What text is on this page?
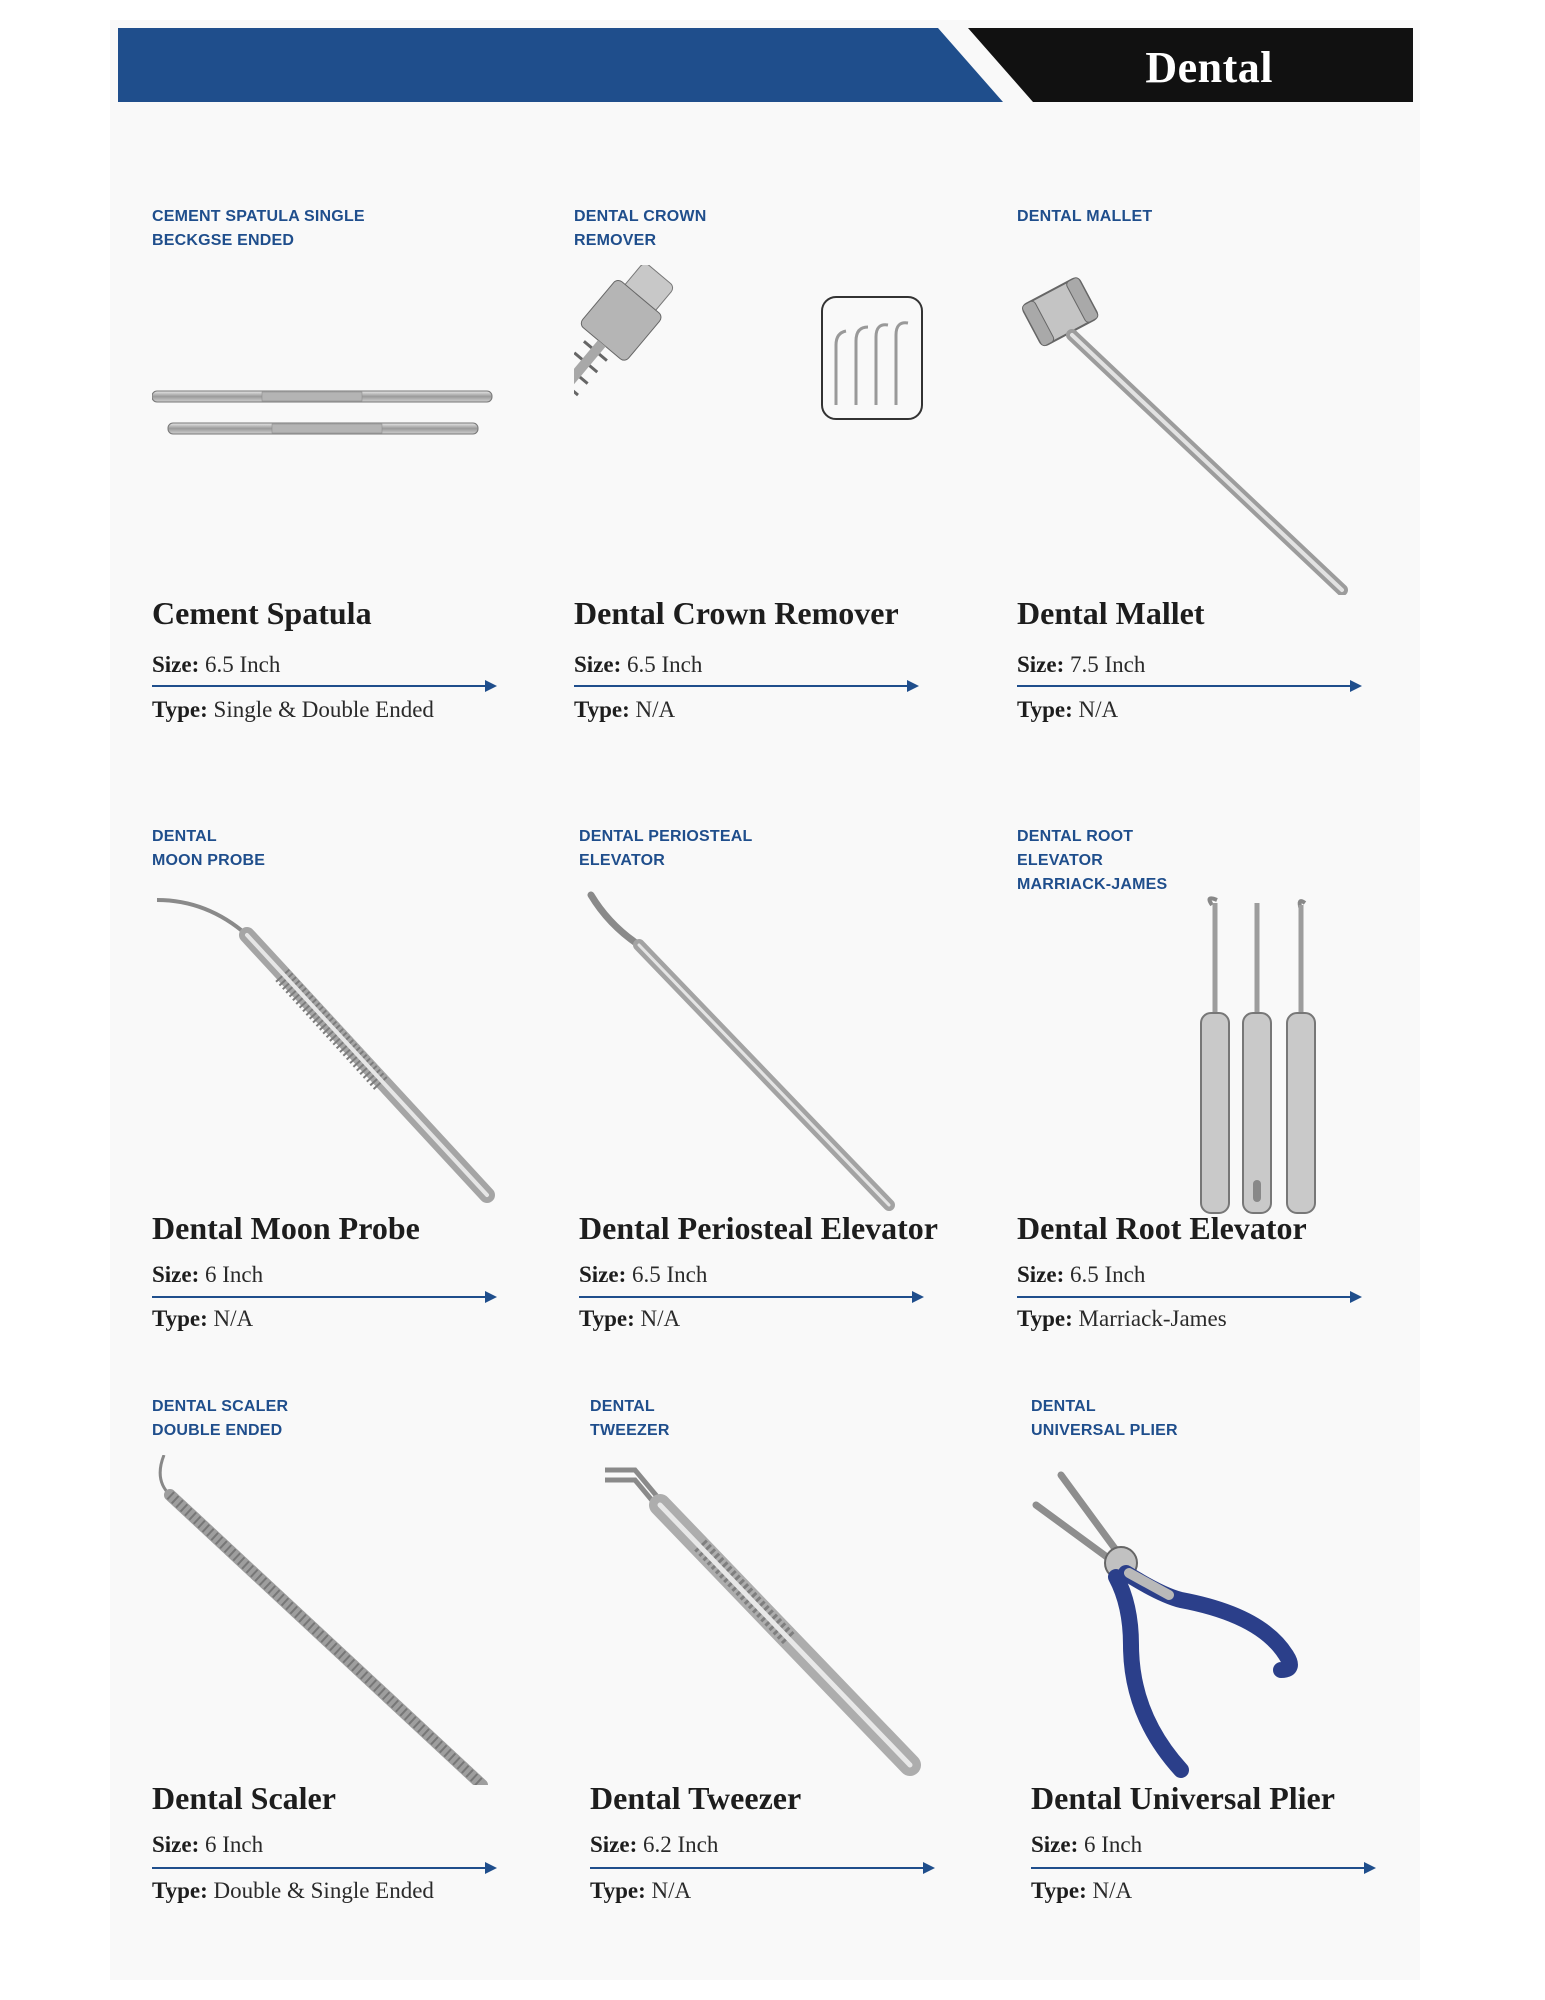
Dental
CEMENT SPATULA SINGLE
BECKGSE ENDED
Cement Spatula
Size: 6.5 Inch
Type: Single & Double Ended
DENTAL CROWN
REMOVER
Dental Crown Remover
Size: 6.5 Inch
Type: N/A
DENTAL MALLET
Dental Mallet
Size: 7.5 Inch
Type: N/A
DENTAL
MOON PROBE
Dental Moon Probe
Size: 6 Inch
Type: N/A
DENTAL PERIOSTEAL
ELEVATOR
Dental Periosteal Elevator
Size: 6.5 Inch
Type: N/A
DENTAL ROOT
ELEVATOR
MARRIACK-JAMES
Dental Root Elevator
Size: 6.5 Inch
Type: Marriack-James
DENTAL SCALER
DOUBLE ENDED
Dental Scaler
Size: 6 Inch
Type: Double & Single Ended
DENTAL
TWEEZER
Dental Tweezer
Size: 6.2 Inch
Type: N/A
DENTAL
UNIVERSAL PLIER
Dental Universal Plier
Size: 6 Inch
Type: N/A
